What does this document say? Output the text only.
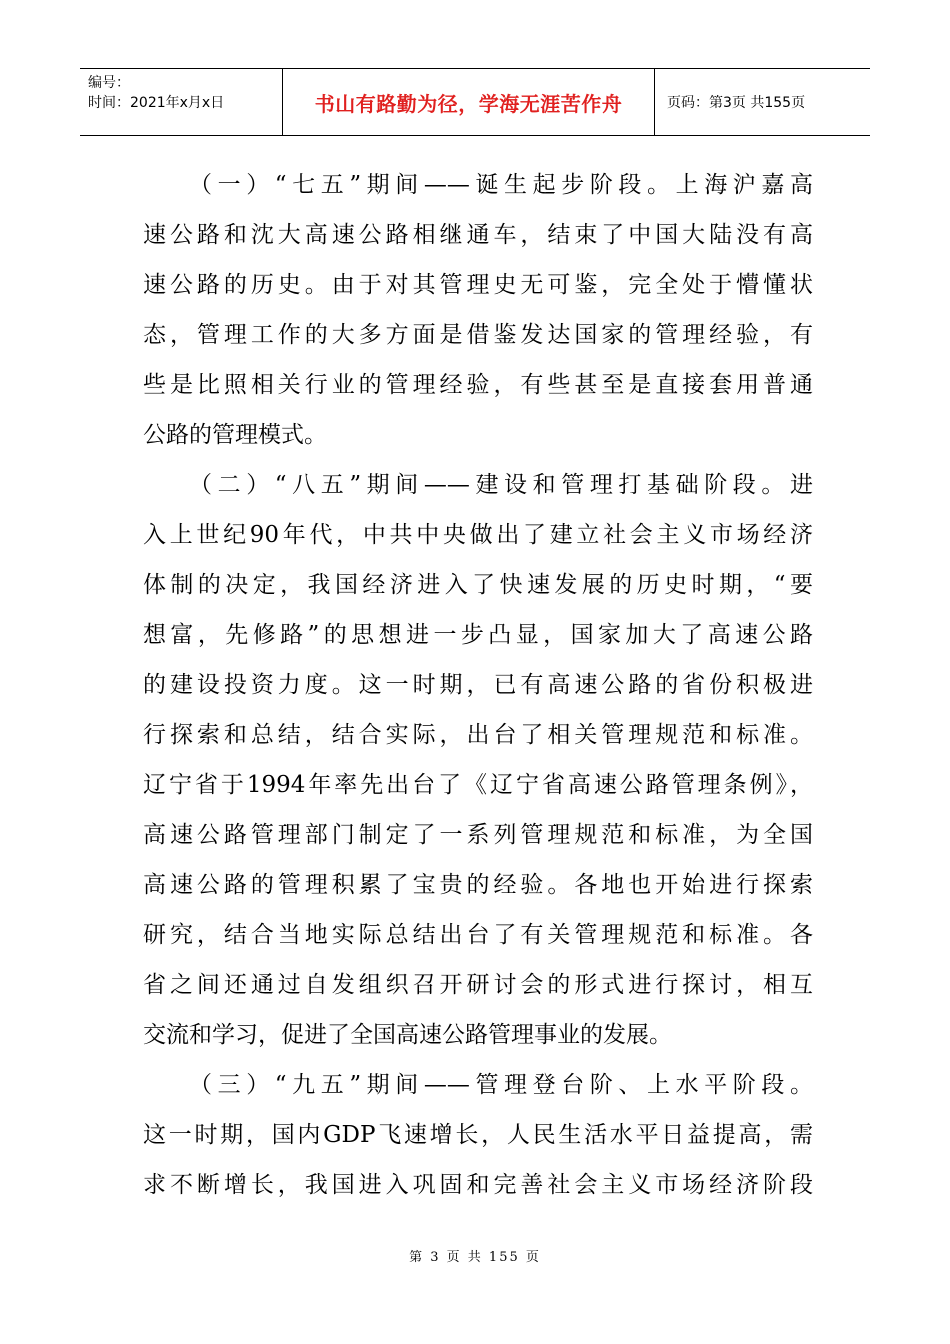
编号：
时间：2021年x月x日	书山有路勤为径，学海无涯苦作舟	页码：第3页 共155页
（一）“七五”期间——诞生起步阶段。上海沪嘉高
速公路和沈大高速公路相继通车，结束了中国大陆没有高
速公路的历史。由于对其管理史无可鉴，完全处于懵懂状
态，管理工作的大多方面是借鉴发达国家的管理经验，有
些是比照相关行业的管理经验，有些甚至是直接套用普通
公路的管理模式。
（二）“八五”期间——建设和管理打基础阶段。进
入上世纪90年代，中共中央做出了建立社会主义市场经济
体制的决定，我国经济进入了快速发展的历史时期，“要
想富，先修路”的思想进一步凸显，国家加大了高速公路
的建设投资力度。这一时期，已有高速公路的省份积极进
行探索和总结，结合实际，出台了相关管理规范和标准。
辽宁省于1994年率先出台了《辽宁省高速公路管理条例》，
高速公路管理部门制定了一系列管理规范和标准，为全国
高速公路的管理积累了宝贵的经验。各地也开始进行探索
研究，结合当地实际总结出台了有关管理规范和标准。各
省之间还通过自发组织召开研讨会的形式进行探讨，相互
交流和学习，促进了全国高速公路管理事业的发展。
（三）“九五”期间——管理登台阶、上水平阶段。
这一时期，国内GDP飞速增长，人民生活水平日益提高，需
求不断增长，我国进入巩固和完善社会主义市场经济阶段
第 3 页 共 155 页
